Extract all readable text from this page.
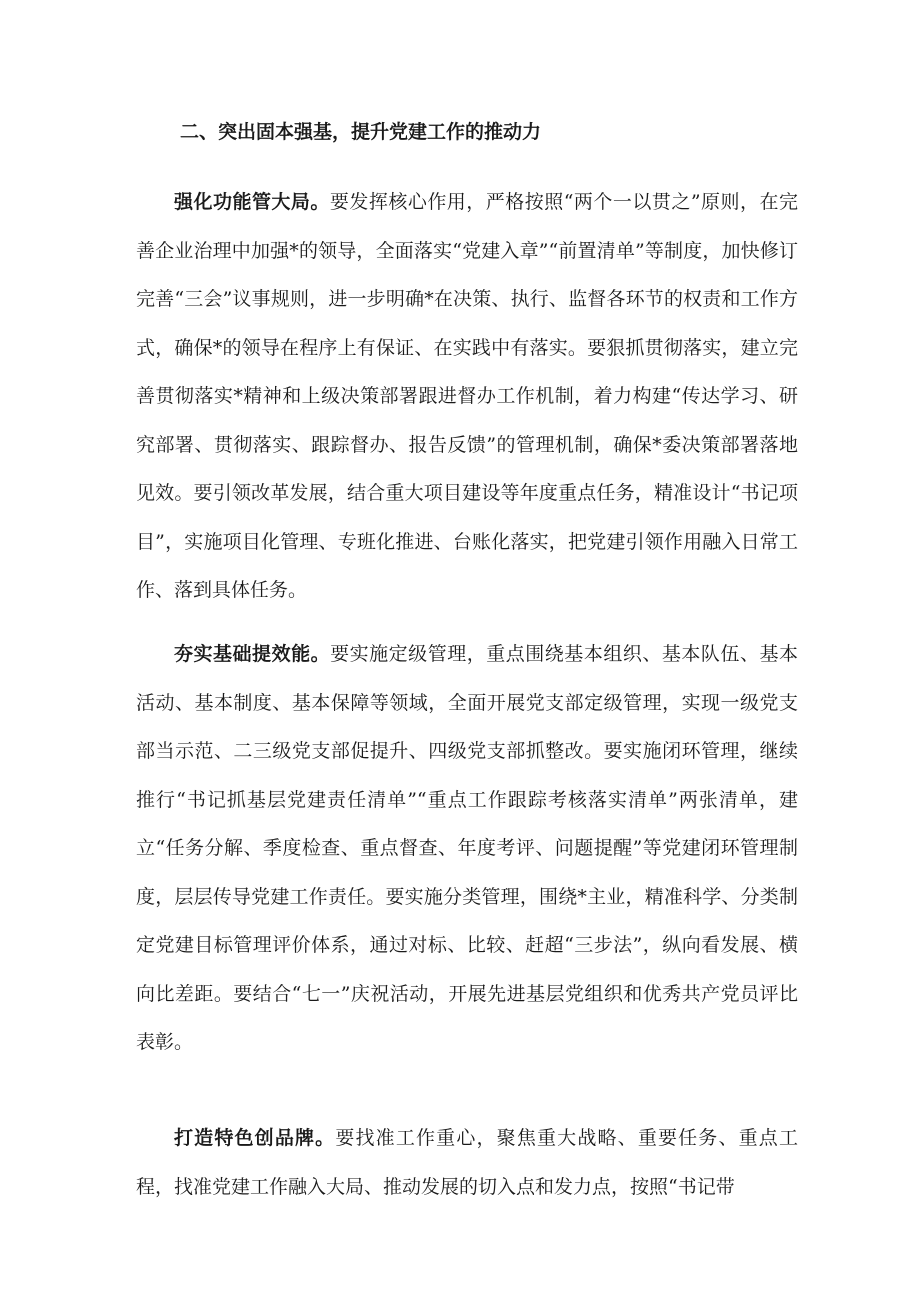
二、突出固本强基，提升党建工作的推动力

强化功能管大局。要发挥核心作用，严格按照“两个一以贯之”原则，在完善企业治理中加强*的领导，全面落实“党建入章”“前置清单”等制度，加快修订完善“三会”议事规则，进一步明确*在决策、执行、监督各环节的权责和工作方式，确保*的领导在程序上有保证、在实践中有落实。要狠抓贯彻落实，建立完善贯彻落实*精神和上级决策部署跟进督办工作机制，着力构建“传达学习、研究部署、贯彻落实、跟踪督办、报告反馈”的管理机制，确保*委决策部署落地见效。要引领改革发展，结合重大项目建设等年度重点任务，精准设计“书记项目”，实施项目化管理、专班化推进、台账化落实，把党建引领作用融入日常工作、落到具体任务。

夯实基础提效能。要实施定级管理，重点围绕基本组织、基本队伍、基本活动、基本制度、基本保障等领域，全面开展党支部定级管理，实现一级党支部当示范、二三级党支部促提升、四级党支部抓整改。要实施闭环管理，继续推行“书记抓基层党建责任清单”“重点工作跟踪考核落实清单”两张清单，建立“任务分解、季度检查、重点督查、年度考评、问题提醒”等党建闭环管理制度，层层传导党建工作责任。要实施分类管理，围绕*主业，精准科学、分类制定党建目标管理评价体系，通过对标、比较、赶超“三步法”，纵向看发展、横向比差距。要结合“七一”庆祝活动，开展先进基层党组织和优秀共产党员评比表彰。

打造特色创品牌。要找准工作重心，聚焦重大战略、重要任务、重点工程，找准党建工作融入大局、推动发展的切入点和发力点，按照“书记带
